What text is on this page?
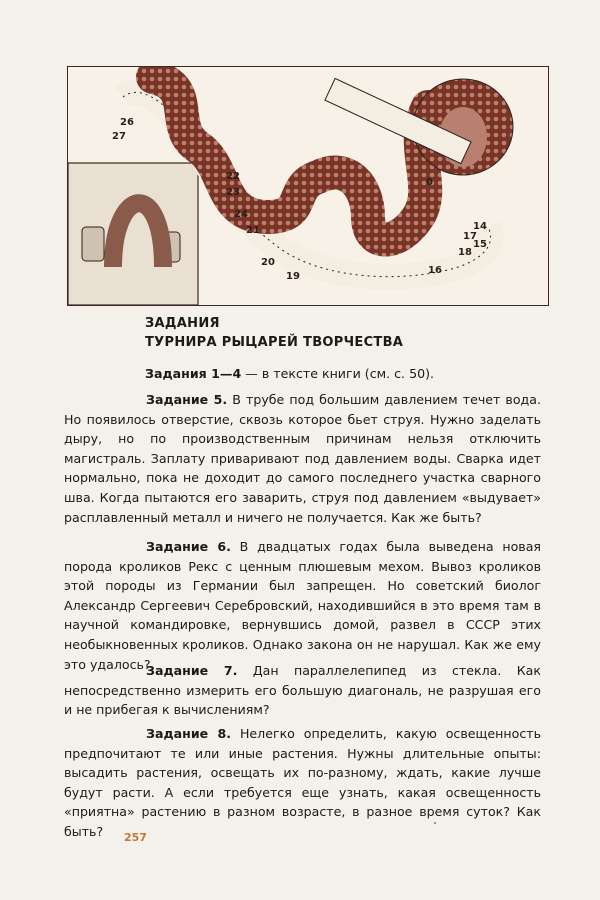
26
27
22
23
24
21
20
19
18
17
16
15
14
0
ЗАДАНИЯ
ТУРНИРА РЫЦАРЕЙ ТВОРЧЕСТВА

Задания 1—4 — в тексте книги (см. с. 50).

Задание 5. В трубе под большим давлением течет вода. Но появилось отверстие, сквозь которое бьет струя. Нужно заделать дыру, но по производственным причинам нельзя отключить магистраль. Заплату приваривают под давлением воды. Сварка идет нормально, пока не доходит до самого последнего участка сварного шва. Когда пытаются его заварить, струя под давлением «выдувает» расплавленный металл и ничего не получается. Как же быть?

Задание 6. В двадцатых годах была выведена новая порода кроликов Рекс с ценным плюшевым мехом. Вывоз кроликов этой породы из Германии был запрещен. Но советский биолог Александр Сергеевич Серебровский, находившийся в это время там в научной командировке, вернувшись домой, развел в СССР этих необыкновенных кроликов. Однако закона он не нарушал. Как же ему это удалось?

Задание 7. Дан параллелепипед из стекла. Как непосредственно измерить его большую диагональ, не разрушая его и не прибегая к вычислениям?

Задание 8. Нелегко определить, какую освещенность предпочитают те или иные растения. Нужны длительные опыты: высадить растения, освещать их по-разному, ждать, какие лучше будут расти. А если требуется еще узнать, какая освещенность «приятна» растению в разном возрасте, в разное время суток? Как быть?	257
